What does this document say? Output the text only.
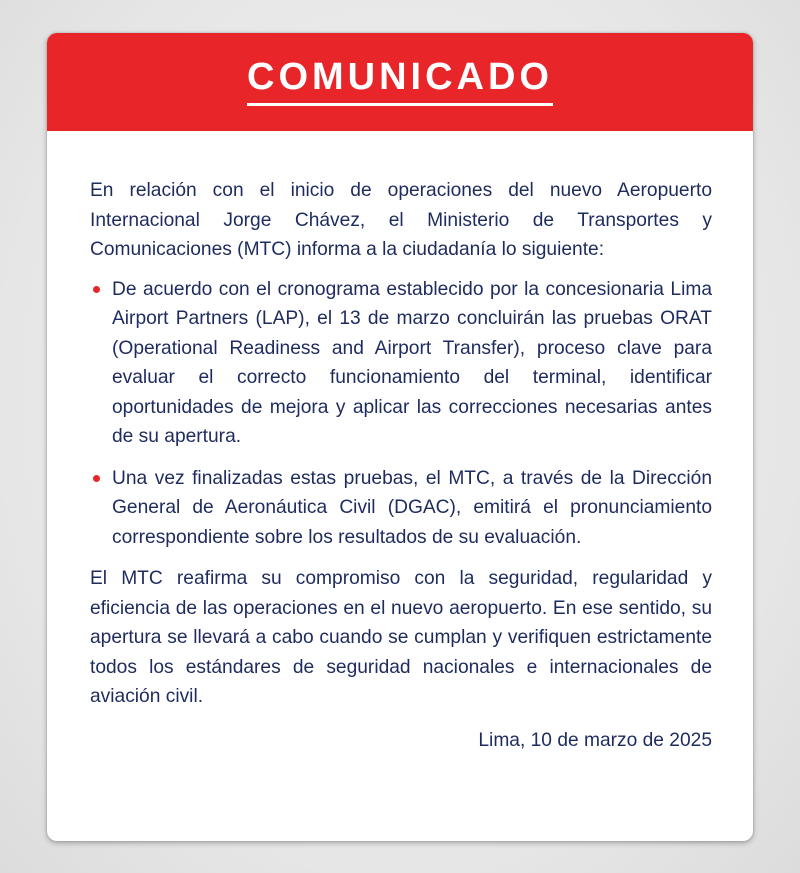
COMUNICADO

En relación con el inicio de operaciones del nuevo Aeropuerto Internacional Jorge Chávez, el Ministerio de Transportes y Comunicaciones (MTC) informa a la ciudadanía lo siguiente:

De acuerdo con el cronograma establecido por la concesionaria Lima Airport Partners (LAP), el 13 de marzo concluirán las pruebas ORAT (Operational Readiness and Airport Transfer), proceso clave para evaluar el correcto funcionamiento del terminal, identificar oportunidades de mejora y aplicar las correcciones necesarias antes de su apertura.
Una vez finalizadas estas pruebas, el MTC, a través de la Dirección General de Aeronáutica Civil (DGAC), emitirá el pronunciamiento correspondiente sobre los resultados de su evaluación.

El MTC reafirma su compromiso con la seguridad, regularidad y eficiencia de las operaciones en el nuevo aeropuerto. En ese sentido, su apertura se llevará a cabo cuando se cumplan y verifiquen estrictamente todos los estándares de seguridad nacionales e internacionales de aviación civil.

Lima, 10 de marzo de 2025
